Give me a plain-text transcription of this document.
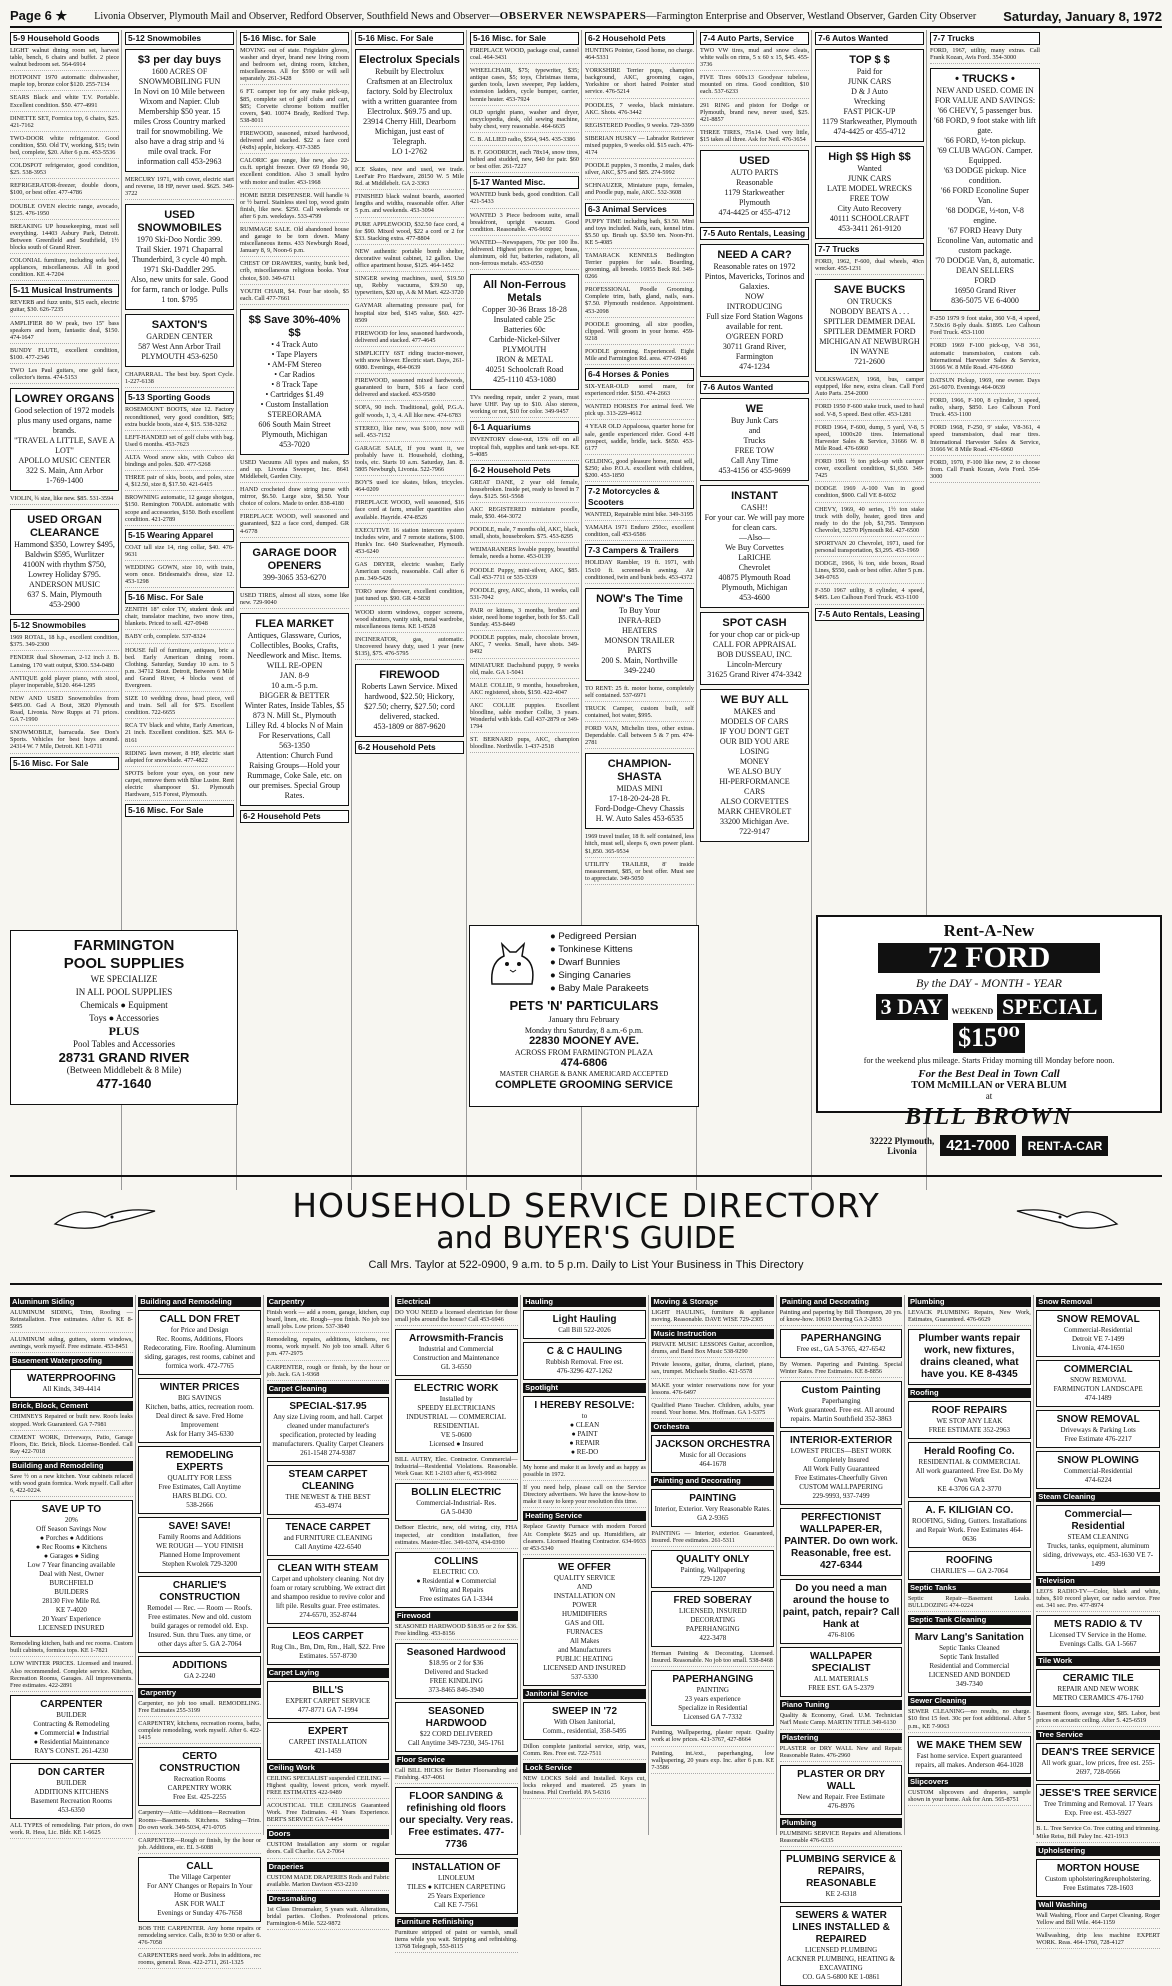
Page 6 ★	Livonia Observer, Plymouth Mail and Observer, Redford Observer, Southfield News and Observer—OBSERVER NEWSPAPERS—Farmington Enterprise and Observer, Westland Observer, Garden City Observer Saturday, January 8, 1972
5-9 Household Goods
LIGHT walnut dining room set, harvest table, bench, 6 chairs and buffet. 2 piece walnut bedroom set. 564-6914
HOTPOINT 1970 automatic dishwasher, maple top, bronze color $120. 255-7134
SEARS Black and white T.V. Portable. Excellent condition. $50. 477-4991
DINETTE SET, Formica top, 6 chairs, $25. 421-7162
TWO-DOOR white refrigerator. Good condition, $50. Old TV, working, $15; twin bed, complete, $20. After 6 p.m. 453-5536
COLDSPOT refrigerator, good condition, $25. 538-3953
REFRIGERATOR-freezer, double doors, $100, or best offer. 477-4786
DOUBLE OVEN electric range, avocado, $125. 476-1950
BREAKING UP housekeeping, must sell everything. 14403 Asbury Park, Detroit. Between Greenfield and Southfield, 1½ blocks south of Grand River.
COLONIAL furniture, including sofa bed, appliances, miscellaneous. All in good condition. KE 4-7204
5-11 Musical Instruments
REVERB and fuzz units, $15 each, electric guitar, $30. 626-7235
AMPLIFIER 80 W peak, two 15" bass speakers and horn, fantastic deal, $150. 474-1647
BUNDY FLUTE, excellent condition, $100. 477-2346
TWO Les Paul guitars, one gold face, collector's items. 474-5153
LOWREY ORGANS
Good selection of 1972 models plus many used organs, name brands.
"TRAVEL A LITTLE, SAVE A LOT"
APOLLO MUSIC CENTER
322 S. Main, Ann Arbor
1-769-1400
VIOLIN, ¾ size, like new. $85. 531-3594
USED ORGAN CLEARANCE
Hammond $350, Lowrey $495, Baldwin $595, Wurlitzer 4100N with rhythm $750, Lowrey Holiday $795.
ANDERSON MUSIC
637 S. Main, Plymouth
453-2900
5-12 Snowmobiles
1969 ROTAL, 18 h.p., excellent condition, $375. 349-2300
FENDER dual Showman, 2-12 inch J. B. Lansing, 170 watt output, $300. 534-0480
ANTIQUE gold player piano, with stool, player inoperable, $120. 464-1295
NEW AND USED Snowmobiles from $495.00. Gad A Bout, 3820 Plymouth Road, Livonia. Now Rupps at 71 prices. GA 7-1990
SNOWMOBILE, barracuda. See Don's Sports. Vehicles for best buys around. 24314 W. 7 Mile, Detroit. KE 1-0711
5-16 Misc. For Sale
5-12 Snowmobiles
$3 per day buys
1600 ACRES OF SNOWMOBILING FUN
In Novi on 10 Mile between Wixom and Napier. Club Membership $50 year. 15 miles Cross Country marked trail for snowmobiling. We also have a drag strip and ¼ mile oval track. For information call 453-2963
MERCURY 1971, with cover, electric start and reverse, 18 HP, never used. $625. 349-3722
USED SNOWMOBILES
1970 Ski-Doo Nordic 399. Trail Skier. 1971 Chaparral Thunderbird, 3 cycle 40 mph.
1971 Ski-Daddler 295.
Also, new units for sale. Good for farm, ranch or lodge. Pulls 1 ton. $795
SAXTON'S
GARDEN CENTER
587 West Ann Arbor Trail
PLYMOUTH 453-6250
CHAPARRAL. The best buy. Sport Cycle. 1-227-6138
5-13 Sporting Goods
ROSEMOUNT BOOTS, size 12. Factory reconditioned, very good condition, $85; extra buckle boots, size 4, $15. 538-3262
LEFT-HANDED set of golf clubs with bag. Used 6 months. 453-7623
ALTA Wood snow skis, with Cubco ski bindings and poles. $20. 477-5268
THREE pair of skis, boots, and poles, size 4, $12.50, size 8, $17.50. 421-6415
BROWNING automatic, 12 gauge shotgun, $150. Remington 700ADL automatic with scope and accessories, $150. Both excellent condition. 421-2789
5-15 Wearing Apparel
COAT tall size 14, ring collar, $40. 476-9631
WEDDING GOWN, size 10, with train, worn once. Bridesmaid's dress, size 12. 453-1298
5-16 Misc. For Sale
ZENITH 18" color TV, student desk and chair, translator machine, two snow tires, blankets. Priced to sell. 427-0948
BABY crib, complete. 537-8324
HOUSE full of furniture, antiques, bric a bed. Early American dining room. Clothing. Saturday, Sunday 10 a.m. to 5 p.m. 34712 Stout. Detroit, Between 6 Mile and Grand River, 4 blocks west of Evergreen.
SIZE 10 wedding dress, head piece, veil and train. Sell all for $75. Excellent condition. 722-6655
RCA TV black and white, Early American, 21 inch. Excellent condition. $25. MA 6-8161
RIDING lawn mower, 8 HP, electric start adapted for snowblade. 477-4822
SPOTS before your eyes, on your new carpet, remove them with Blue Lustre. Rent electric shampooer $1. Plymouth Hardware, 515 Forest, Plymouth.
5-16 Misc. For Sale
5-16 Misc. for Sale
MOVING out of state. Frigidaire gloves, washer and dryer, brand new living room and bedroom set, dining room, kitchen, miscellaneous. All for $590 or will sell separately. 261-3428
6 FT. camper top for any make pick-up, $85, complete set of golf clubs and cart, $85; Corvette chrome bottom muffler covers, $40. 10074 Brady, Redford Twp. 538-8011
FIREWOOD, seasoned, mixed hardwood, delivered and stacked. $22 a face cord (4x8x) apple, hickory. 437-3385
CALORIC gas range, like new, also 22-cu.ft. upright freezer. Over 69 Honda 90, excellent condition. Also 3 small hydro with motor and trailer. 453-1968
HOME BEER DISPENSER. Will handle ¼ or ½ barrel. Stainless steel top, wood grain finish, like new. $250. Call weekends or after 6 p.m. weekdays. 533-4799
RUMMAGE SALE. Old abandoned house and garage to be torn down. Many miscellaneous items. 433 Newburgh Road, January 8, 9, Noon-6 p.m.
CHEST OF DRAWERS, vanity, bunk bed, crib, miscellaneous religious books. Your choice, $10. 349-6711
YOUTH CHAIR, $4. Four bar stools, $5 each. Call 477-7661
$$ Save 30%-40% $$
• 4 Track Auto
• Tape Players
• AM-FM Stereo
• Car Radios
• 8 Track Tape
• Cartridges $1.49
• Custom Installation
STEREORAMA
606 South Main Street
Plymouth, Michigan
453-7020
USED Vacuums All types and makes, $5 and up. Livonia Sweeper, Inc. 8641 Middlebelt, Garden City.
HAND crocheted draw string purse with mirror, $6.50. Large size, $8.50. Your choice of colors. Made to order. 838-4180
FIREPLACE WOOD, well seasoned and guaranteed, $22 a face cord, dumped. GR 4-6778
GARAGE DOOR OPENERS
399-3065 353-6270
USED TIRES, almost all sizes, some like new. 729-9040
FLEA MARKET
Antiques, Glassware, Curios, Collectibles, Books, Crafts, Needlework and Misc. Items.
WILL RE-OPEN
JAN. 8-9
10 a.m.-5 p.m.
BIGGER & BETTER
Winter Rates, Inside Tables, $5
873 N. Mill St., Plymouth
Lilley Rd. 4 blocks N of Main
For Reservations, Call
563-1350
Attention: Church Fund Raising Groups—Hold your Rummage, Coke Sale, etc. on our premises. Special Group Rates.
6-2 Household Pets
5-16 Misc. For Sale
Electrolux Specials
Rebuilt by Electrolux Craftsmen at an Electrolux factory. Sold by Electrolux with a written guarantee from Electrolux. $69.75 and up.
23914 Cherry Hill, Dearborn
Michigan, just east of Telegraph.
LO 1-2762
ICE Skates, new and used, we trade. LeeFair Pro Hardware, 28150 W. 5 Mile Rd. at Middlebelt. GA 2-3363
FINISHED black walnut boards, assorted lengths and widths, reasonable offer. After 5 p.m. and weekends. 453-3094
PURE APPLEWOOD, $32.50 face cord, 4 for $90. Mixed wood, $22 a cord or 2 for $33. Stacking extra. 477-8804
NEW authentic portable bomb shelter, decorative walnut cabinet, 12 gallon. Use office apartment house, $125. 464-1452
SINGER sewing machines, used, $19.50 up, Rebby vacuums, $39.50 up, typewriters, $20 up, A & M Mart. 422-3720
GAYMAR alternating pressure pad, for hospital size bed, $145 value, $60. 427-8509
FIREWOOD for less, seasoned hardwoods, delivered and stacked. 477-4645
SIMPLICITY 6ST riding tractor-mower, with snow blower. Electric start. Days, 261-6080. Evenings, 464-0639
FIREWOOD, seasoned mixed hardwoods, guaranteed to burn, $16 a face cord delivered and stacked. 453-9580
SOFA, 90 inch. Traditional, gold, P.G.A. golf woods, 1, 3, 4. All like new. 474-6783
STEREO, like new, was $100, now will sell. 453-7152
GARAGE SALE, If you want it, we probably have it. Household, clothing, tools, etc. Starts 10 a.m. Saturday, Jan. 8. 5805 Newburgh, Livonia. 522-7966
BOY'S used ice skates, bikes, tricycles. 464-0209
FIREPLACE WOOD, well seasoned, $16 face cord at farm, smaller quantities also available. Hayride. 474-8526
EXECUTIVE 16 station intercom system includes wire, and 7 remote stations, $100. Hunk's Inc. 640 Starkweather, Plymouth. 453-6240
GAS DRYER, electric washer, Early American couch, reasonable. Call after 6 p.m. 349-5426
TORO snow thrower, excellent condition, just tuned up. $90. GR 4-5838
WOOD storm windows, copper screens, wood shutters, vanity sink, metal wardrobe, miscellaneous items. KE 1-8528
INCINERATOR, gas, automatic. Uncovered heavy duty, used 1 year (new $135), $75. 476-5795
FIREWOOD
Roberts Lawn Service. Mixed hardwood, $22.50; Hickory, $27.50; cherry, $27.50; cord delivered, stacked.
453-1809 or 887-9620
6-2 Household Pets
5-16 Misc. for Sale
FIREPLACE WOOD, package coal, cannel coal. 464-3431
WHEELCHAIR, $75; typewriter, $35; antique cases, $5; toys, Christmas items, garden tools, lawn sweeper, Pep ladders, extension ladders, cycle bumper, carrier, bennie heater. 453-7924
OLD upright piano, washer and dryer, encyclopedia, desk, old sewing machine, baby chest, very reasonable. 464-6635
C. B. ALLIED radio, $564, 945. 435-3386
B. F. GOODRICH, each 78x14, snow tires, belted and studded, new, $40 for pair. $60 or best offer. 261-7227
5-17 Wanted Misc.
WANTED bunk beds, good condition. Call 421-5433
WANTED 3 Piece bedroom suite, small breakfront, upright vacuum. Good condition. Reasonable. 476-9692
WANTED—Newspapers, 70c per 100 lbs. delivered. Highest prices for copper, brass, aluminum, old fur, batteries, radiators, all non-ferrous metals. 453-0550
All Non-Ferrous Metals
Copper 30-36 Brass 18-28
Insulated cable 25c
Batteries 60c
Carbide-Nickel-Silver
PLYMOUTH
IRON & METAL
40251 Schoolcraft Road
425-1110 453-1080
TVs needing repair, under 2 years, must have UHF. Pay up to $10. Also stereos, working or not, $10 for color. 349-9457
6-1 Aquariums
INVENTORY close-out, 15% off on all tropical fish, supplies and tank set-ups. KE 5-4085
6-2 Household Pets
GREAT DANE, 2 year old female, housebroken. Inside pet, ready to breed in 7 days. $125. 561-5568
AKC REGISTERED miniature poodle, male, $50. 464-3072
POODLE, male, 7 months old, AKC, black, small, shots, housebroken. $75. 453-8295
WEIMARANERS lovable puppy, beautiful female, needs a home. 453-0139
POODLE Puppy, mini-silver, AKC, $85. Call 453-7711 or 535-3339
POODLE, grey, AKC, shots, 11 weeks, call 531-7042
PAIR or kittens, 3 months, brother and sister, need home together, both for $5. Call Sunday. 453-8449
POODLE puppies, male, chocolate brown, AKC, 7 weeks. Small, have shots. 349-8492
MINIATURE Dachshund puppy, 9 weeks old, male. GA 1-5041
MALE COLLIE, 9 months, housebroken, AKC registered, shots, $150. 422-4047
AKC COLLIE puppies. Excellent bloodline, sable mother Collie, 3 years. Wonderful with kids. Call 437-2879 or 349-1794
ST. BERNARD pups, AKC, champion bloodline. Northville. 1-437-2518
6-2 Household Pets
HUNTING Pointer, Good home, no charge. 464-5331
YORKSHIRE Terrier pups, champion background, AKC, grooming cages, Yorkshire or short haired Pointer stud service. 476-5214
POODLES, 7 weeks, black miniature. AKC. Shots. 476-3442
REGISTERED Poodles, 9 weeks. 729-3399
SIBERIAN HUSKY — Labrador Retriever mixed puppies, 9 weeks old. $15 each. 476-4174
POODLE puppies, 3 months, 2 males, dark silver, AKC, $75 and $85. 274-5992
SCHNAUZER, Miniature pups, females, and Poodle pup, male, AKC. 532-3608
6-3 Animal Services
PUPPY TIME including bath, $3.50. Mini and toys included. Nails, ears, kennel trim. $5.50 up. Brush up. $3.50 ten. Noon-Fri. KE 5-4085
TAMARACK KENNELS Bedlington Terrier puppies for sale. Boarding, grooming, all breeds. 16955 Beck Rd. 349-0266
PROFESSIONAL Poodle Grooming. Complete trim, bath, gland, nails, ears. $7.50. Plymouth residence. Appointment. 453-2098
POODLE grooming, all size poodles, clipped. Will groom in your home. 459-9218
POODLE grooming. Experienced. Eight Mile and Farmington Rd. area. 477-6946
6-4 Horses & Ponies
SIX-YEAR-OLD sorrel mare, for experienced rider. $150. 474-2663
WANTED HORSES For animal feed. We pick up. 313-229-4612
4 YEAR OLD Appaloosa, quarter horse for sale, gentle experienced rider. Good 4-H prospect, saddle, bridle, tack. $650. 453-6177
GELDING, good pleasure horse, must sell, $250; also P.O.A. excellent with children, $200. 453-1850
7-2 Motorcycles & Scooters
WANTED, Repairable mini bike. 349-3195
YAMAHA 1971 Enduro 250cc, excellent condition, call 453-6586
7-3 Campers & Trailers
HOLIDAY Rambler, 19 ft. 1971, with 15x10 ft. screened-in awning. Air conditioned, twin and bunk beds. 453-4372
NOW's The Time
To Buy Your
INFRA-RED
HEATERS
MONSON TRAILER
PARTS
200 S. Main, Northville
349-2240
TO RENT: 25 ft. motor home, completely self contained. 537-6971
TRUCK Camper, custom built, self contained, hot water, $995.
FORD VAN, Michelin tires, other extras. Dependable. Call between 5 & 7 pm. 474-2781
CHAMPION-SHASTA
MIDAS MINI
17-18-20-24-28 Ft.
Ford-Dodge-Chevy Chassis
H. W. Auto Sales 453-6535
1969 travel trailer, 18 ft. self contained, less hitch, must sell, sleeps 6, own power plant. $1,850. 365-9534
UTILITY TRAILER, 8' inside measurement, $85, or best offer. Must see to appreciate. 349-5050
7-4 Auto Parts, Service
TWO VW tires, mud and snow cleats, white walls on rims, 5 x 60 x 15, $45. 455-3736
FIVE Tires 600x13 Goodyear tubeless, mounted on rims. Good condition, $10 each. 537-6233
291 RING and piston for Dodge or Plymouth, brand new, never used, $25. 421-8857
THREE TIRES, 75x14. Used very little, $15 takes all three. Ask for Neil. 476-3654
USED
AUTO PARTS
Reasonable
1179 Starkweather
Plymouth
474-4425 or 455-4712
7-5 Auto Rentals, Leasing
NEED A CAR?
Reasonable rates on 1972 Pintos, Mavericks, Torinos and Galaxies.
NOW
INTRODUCING
Full size Ford Station Wagons available for rent.
O'GREEN FORD
30711 Grand River,
Farmington
474-1234
7-6 Autos Wanted
WE
Buy Junk Cars
and
Trucks
FREE TOW
Call Any Time
453-4156 or 455-9699
INSTANT
CASH!!
For your car. We will pay more for clean cars.
—Also—
We Buy Corvettes
LaRICHE
Chevrolet
40875 Plymouth Road
Plymouth, Michigan
453-4600
SPOT CASH
for your chop car or pick-up
CALL FOR APPRAISAL
BOB DUSSEAU, INC.
Lincoln-Mercury
31625 Grand River 474-3342
WE BUY ALL
MAKES and
MODELS OF CARS
IF YOU DON'T GET
OUR BID YOU ARE
LOSING
MONEY
WE ALSO BUY
HI-PERFORMANCE
CARS
ALSO CORVETTES
MARK CHEVROLET
33200 Michigan Ave.
722-9147
7-6 Autos Wanted
TOP $ $
Paid for
JUNK CARS
D & J Auto
Wrecking
FAST PICK-UP
1179 Starkweather, Plymouth
474-4425 or 455-4712
High $$ High $$
Wanted
JUNK CARS
LATE MODEL WRECKS
FREE TOW
City Auto Recovery
40111 SCHOOLCRAFT
453-3411 261-9120
7-7 Trucks
FORD, 1962, F-600, dual wheels, 40cn wrecker. 455-1231
SAVE BUCKS
ON TRUCKS
NOBODY BEATS A . . .
SPITLER DEMMER DEAL
SPITLER DEMMER FORD
MICHIGAN AT NEWBURGH
IN WAYNE
721-2600
VOLKSWAGEN, 1968, bus, camper equipped, like new, extra clean. Call Ford Auto Parts. 254-2000
FORD 1950 F-600 stake truck, used to haul sod. V-8, 5 speed. Best offer. 453-1281
FORD 1964, F-600, dump, 5 yard, V-8, 5 speed, 1000x20 tires. International Harvester Sales & Service, 31666 W. 8 Mile Road. 476-6960
FORD 1961 ½ ton pick-up with camper cover, excellent condition, $1,650. 349-7425
DODGE 1969 A-100 Van in good condition, $900. Call VE 8-6032
CHEVY, 1969, 40 series, 1½ ton stake truck with dolly, heater, good tires and ready to do the job, $1,795. Tennyson Chevrolet, 32570 Plymouth Rd. 427-6500
SPORTVAN 20 Chevrolet, 1971, used for personal transportation, $3,295. 453-1969
DODGE, 1966, ¾ ton, side boxes, Road Lines, $550, cash or best offer. After 5 p.m. 349-0765
F-350 1967 utility, 8 cylinder, 4 speed, $495. Leo Calhoun Ford Truck. 453-1100
7-5 Auto Rentals, Leasing
7-7 Trucks
FORD, 1967, utility, many extras. Call Frank Kozan, Avis Ford. 354-3000
• TRUCKS •
NEW AND USED. COME IN FOR VALUE AND SAVINGS:
'66 CHEVY, 5 passenger bus.
'68 FORD, 9 foot stake with lift gate.
'66 FORD, ½-ton pickup.
'69 CLUB WAGON. Camper. Equipped.
'63 DODGE pickup. Nice condition.
'66 FORD Econoline Super Van.
'68 DODGE, ½-ton, V-8 engine.
'67 FORD Heavy Duty Econoline Van, automatic and custom package.
'70 DODGE Van, 8, automatic.
DEAN SELLERS
FORD
16950 Grand River
836-5075 VE 6-4000
F-250 1979 9 foot stake, 360 V-8, 4 speed, 7.50x16 8-ply duals. $1895. Leo Calhoun Ford Truck. 453-1100
FORD 1969 F-100 pick-up, V-8 361, automatic transmission, custom cab. International Harvester Sales & Service, 31666 W. 8 Mile Road. 476-6960
DATSUN Pickup, 1969, one owner. Days 261-6070. Evenings 464-0639
FORD, 1966, F-100, 8 cylinder, 3 speed, radio, sharp, $850. Leo Calhoun Ford Truck. 453-1100
FORD 1968, F-250, 9' stake, V8-361, 4 speed transmission, dual rear tires. International Harvester Sales & Service, 31666 W. 8 Mile Road. 476-6960
FORD, 1970, F-100 like new, 2 to choose from. Call Frank Kozan, Avis Ford. 354-3000
FARMINGTON
POOL SUPPLIES
WE SPECIALIZE
IN ALL POOL SUPPLIES
Chemicals ● Equipment
Toys ● Accessories
PLUS
Pool Tables and Accessories
28731 GRAND RIVER
(Between Middlebelt & 8 Mile)
477-1640
● Pedigreed Persian
● Tonkinese Kittens
● Dwarf Bunnies
● Singing Canaries
● Baby Male Parakeets
PETS 'N' PARTICULARS
January thru February
Monday thru Saturday, 8 a.m.-6 p.m.
22830 MOONEY AVE.
ACROSS FROM FARMINGTON PLAZA
474-6806
MASTER CHARGE & BANK AMERICARD ACCEPTED
COMPLETE GROOMING SERVICE
Rent-A-New
72 FORD
By the DAY - MONTH - YEAR
3 DAY WEEKEND SPECIAL
$15⁰⁰
for the weekend plus mileage. Starts Friday morning till Monday before noon.
For the Best Deal in Town Call
TOM McMILLAN or VERA BLUM
at
BILL BROWN
32222 Plymouth,
Livonia	421-7000	RENT-A-CAR
HOUSEHOLD SERVICE DIRECTORY
and BUYER'S GUIDE
Call Mrs. Taylor at 522-0900, 9 a.m. to 5 p.m. Daily to List Your Business in This Directory
Aluminum Siding
ALUMINUM SIDING, Trim, Roofing — Reinstallation. Free estimates. After 6. KE 8-5995
ALUMINUM siding, gutters, storm windows, awnings, work myself. Free estimate. 453-8451
Basement Waterproofing
WATERPROOFING
All Kinds, 349-4414
Brick, Block, Cement
CHIMNEYS Repaired or built new. Roofs leaks stopped. Work Guaranteed. GA 7-7981
CEMENT WORK, Driveways, Patio, Garage Floors, Etc. Brick, Block. License-Bonded. Call Ray 422-7018
Building and Remodeling
Save ½ on a new kitchen. Your cabinets refaced with wood grain formica. Work myself. Call after 6, 422-0224.
SAVE UP TO
20%
Off Season Savings Now
● Porches ● Additions
● Rec Rooms ● Kitchens
● Garages ● Siding
Low 7 Year financing available
Deal with Nest, Owner
BURCHFIELD
BUILDERS
28130 Five Mile Rd.
KE 7-4020
20 Years' Experience
LICENSED INSURED
Remodeling kitchen, bath and rec rooms. Custom built cabinets, formica tops. KE 1-7821
LOW WINTER PRICES. Licensed and insured. Also recommended. Complete service. Kitchen, Recreation Rooms, Garages. All improvements. Free estimates. 422-2891
CARPENTER
BUILDER
Contracting & Remodeling
● Commercial ● Industrial
● Residential Maintenance
RAY'S CONST. 261-4230
DON CARTER
BUILDER
ADDITIONS KITCHENS
Basement Recreation Rooms
453-6350
ALL TYPES of remodeling. Fair prices, do own work. R. Hess, Lic. Bldr. KE 1-6625
Building and Remodeling
CALL DON FRET
for Price and Design
Rec. Rooms, Additions, Floors Redecorating, Fire. Roofing. Aluminum siding, garages, rest rooms, cabinet and formica work. 472-7765
WINTER PRICES
BIG SAVINGS
Kitchen, baths, attics, recreation room. Deal direct & save. Fred Home Improvement
Ask for Harry 345-6330
REMODELING EXPERTS
QUALITY FOR LESS
Free Estimates, Call Anytime
HARS BLDG. CO.
538-2666
SAVE! SAVE!
Family Rooms and Additions
WE ROUGH — YOU FINISH
Planned Home Improvement
Stephen Kwolek 729-3200
CHARLIE'S CONSTRUCTION
Remodel — Rec. — Room — Roofs. Free estimates. New and old. custom build garages or remodel old. Exp. Insured. Sun. thru Tues. any time, or other days after 5. GA 2-7064
ADDITIONS
GA 2-2240
Carpentry
Carpenter, no job too small. REMODELING. Free Estimates 255-3199
CARPENTRY, kitchens, recreation rooms, baths, complete remodeling, work myself. After 6. 422-1415
CERTO CONSTRUCTION
Recreation Rooms
CARPENTRY WORK
Free Est. 425-2255
Carpentry—Attic—Additions—Recreation Rooms—Basements. Kitchens. Siding—Trim. Do own work. 349-5034, 471-0705
CARPENTER—Rough or finish, by the hour or job. Additions, etc. EL 3-6088
CALL
The Village Carpenter
For ANY Changes or Repairs In Your Home or Business
ASK FOR WALT
Evenings or Sunday 476-7658
BOB THE CARPENTER. Any home repairs or remodeling service. Calls, 8:30 to 9:30 or after 6. 476-7058
CARPENTERS need work. Jobs in additions, rec rooms, general. Reas. 422-2711, 261-1325
Carpentry
Finish work — add a room, garage, kitchen, cup board, linen, etc. Rough—you finish. No job too small jobs. Low prices. 537-3840
Remodeling, repairs, additions, kitchens, rec rooms, work myself. No job too small. After 6 p.m. 477-2975
CARPENTER, rough or finish, by the hour or job. Jack. GA 1-9368
Carpet Cleaning
SPECIAL-$17.95
Any size Living room, and hall. Carpet cleaned under manufacturer's specification, protected by leading manufacturers. Quality Carpet Cleaners
261-1548 274-9387
STEAM CARPET CLEANING
THE NEWEST & THE BEST
453-4974
TENACE CARPET
and FURNITURE CLEANING
Call Anytime 422-6540
CLEAN WITH STEAM
Carpet and upholstery cleaning. Not dry foam or rotary scrubbing. We extract dirt and shampoo residue to revive color and lift pile. Results guar. Free estimates. 274-6570, 352-8744
LEOS CARPET
Rug Cln., Bm, Dm, Rm., Hall, $22. Free Estimates. 557-8730
Carpet Laying
BILL'S
EXPERT CARPET SERVICE
477-8771 GA 7-1994
EXPERT
CARPET INSTALLATION
421-1459
Ceiling Work
CEILING SPECIALIST suspended CEILING — Highest quality, lowest prices, work myself. FREE ESTIMATES 422-9489
ACOUSTICAL TILE CEILINGS Guaranteed Work. Free Estimates. 41 Years Experience. BERT'S SERVICE GA 7-4454
Doors
CUSTOM Installation any storm or regular doors. Call Charlie. GA 2-7064
Draperies
CUSTOM MADE DRAPERIES Rods and Fabric available. Marion Davison 453-2210
Dressmaking
1st Class Dressmaker, 5 years wait. Alterations, bridal parties. Clothes. Professional prices. Farmington-6 Mile. 522-9872
Electrical
DO YOU NEED a licensed electrician for those small jobs around the house? Call 453-6946
Arrowsmith-Francis
Industrial and Commercial
Construction and Maintenance
GL 3-6550
ELECTRIC WORK
Installed by
SPEEDY ELECTRICIANS
INDUSTRIAL — COMMERCIAL
RESIDENTIAL
VE 5-0600
Licensed ● Insured
BILL AUTRY, Elec. Contractor. Commercial—Industrial—Residential Violations. Reasonable. Work Guar. KE 1-2103 after 6, 453-9982
BOLLIN ELECTRIC
Commercial-Industrial- Res.
GA 5-0430
DeBoer Electric, new, old wiring, city, FHA inspected, air condition installation, free estimates. Master-Elec. 349-6374, 434-0390
COLLINS
ELECTRIC CO.
● Residential ● Commercial
Wiring and Repairs
Free estimates GA 1-3344
Firewood
SEASONED HARDWOOD $18.95 or 2 for $36. Free kindling. 453-8156
Seasoned Hardwood
$18.95 or 2 for $36
Delivered and Stacked
FREE KINDLING
373-8465 846-3940
SEASONED HARDWOOD
$22 CORD DELIVERED
Call Anytime 349-7230, 345-1761
Floor Service
Call BILL HICKS for Better Floorsanding and Finishing. 437-4061
FLOOR SANDING & refinishing old floors our specialty. Very reas. Free estimates. 477-7736
INSTALLATION OF
LINOLEUM
TILES ● KITCHEN CARPETING
25 Years Experience
Call KE 7-7561
Furniture Refinishing
Furniture stripped of paint or varnish, small items while you wait. Stripping and refinishing. 13768 Telegraph, 553-8115
Hauling
Light Hauling
Call Bill 522-2026
C & C HAULING
Rubbish Removal. Free est.
476-3296 427-1262
Spotlight
I HEREBY RESOLVE:
to
● CLEAN
● PAINT
● REPAIR
● RE-DO
My home and make it as lovely and as happy as possible in 1972.
If you need help, please call on the Service Directory advertisers. We have the know-how to make it easy to keep your resolution this time.
Heating Service
Replace Gravity Furnace with modern Forced Air. Complete $625 and up. Humidifiers, air cleaners. Licensed Heating Contractor. 634-9933 or 453-5340
WE OFFER
QUALITY SERVICE
AND
INSTALLATION ON
POWER
HUMIDIFIERS
GAS and OIL
FURNACES
All Makes
and Manufacturers
PUBLIC HEATING
LICENSED AND INSURED
537-5330
Janitorial Service
SWEEP IN '72
With Olsen Janitorial,
Comm., residential, 358-5495
Dillon complete janitorial service, strip, wax, Comm. Res. Free est. 722-7511
Lock Service
NEW LOCKS Sold and Installed. Keys cut, locks rekeyed and mastered. 25 years in business. Phil Crerfield. PA 5-6316
Moving & Storage
LIGHT HAULING, furniture & appliance moving. Reasonable. DAVE WISE 729-2305
Music Instruction
PRIVATE MUSIC LESSONS Guitar, accordion, drums, and Band Box Music 538-9290
Private lessons, guitar, drums, clarinet, piano, sax, trumpet. Michaels Studio. 421-5578
MAKE your winter reservations now for your lessons. 476-6497
Qualified Piano Teacher. Children, adults, year round. Your home. Mrs. Hoffman. GA 1-5375
Orchestra
JACKSON ORCHESTRA
Music for all Occasions
464-1678
Painting and Decorating
PAINTING
Interior, Exterior. Very Reasonable Rates. GA 2-9365
PAINTING — Interior, exterior. Guaranteed, insured. Free estimates. 261-5311
QUALITY ONLY
Painting, Wallpapering
729-1207
FRED SOBERAY
LICENSED, INSURED
DECORATING
PAPERHANGING
422-3478
Herman Painting & Decorating. Licensed. Insured. Reasonable. No job too small. 538-8468
PAPERHANGING
PAINTING
23 years experience
Specialize in Residential
Licensed GA 7-7332
Painting, Wallpapering, plaster repair. Quality work at low prices. 421-3767, 427-8664
Painting, int./ext., paperhanging, low wallpapering, 20 years exp. Inc. after 6 p.m. KE 7-3586
Painting and Decorating
Painting and papering by Bill Thompson, 20 yrs. of know-how. 10619 Deering GA 2-2853
PAPERHANGING
Free est., GA 5-3765, 427-6542
By Women. Papering and Painting. Special Winter Rates. Free Estimates. KE 8-8856
Custom Painting
Paperhanging
Work guaranteed. Free est. All around repairs. Martin Southfield 352-3863
INTERIOR-EXTERIOR
LOWEST PRICES—BEST WORK
Completely Insured
All Work Fully Guaranteed
Free Estimates-Cheerfully Given
CUSTOM WALLPAPERING
229-9993, 937-7499
PERFECTIONIST WALLPAPER-ER, PAINTER. Do own work. Reasonable, free est. 427-6344
Do you need a man around the house to paint, patch, repair? Call Hank at
476-8106
WALLPAPER SPECIALIST
ALL MATERIALS
FREE EST. GA 5-2379
Piano Tuning
Quality & Economy, Grad. U.M. Technician Nat'l Music Camp. MARTIN TITLE 349-6130
Plastering
PLASTER or DRY WALL New and Repair. Reasonable Rates. 476-2960
PLASTER OR DRY WALL
New and Repair. Free Estimate
476-8976
Plumbing
PLUMBING SERVICE Repairs and Alterations. Reasonable 476-6335
PLUMBING SERVICE & REPAIRS, REASONABLE
KE 2-6318
SEWERS & WATER LINES INSTALLED & REPAIRED
LICENSED PLUMBING
ACKNER PLUMBING, HEATING & EXCAVATING
CO. GA 5-6800 KE 1-0861
Plumbing
LEVACK PLUMBING Repairs, New Work, Estimates, Guaranteed. 476-6629
Plumber wants repair work, new fixtures, drains cleaned, what have you. KE 8-4345
Roofing
ROOF REPAIRS
WE STOP ANY LEAK
FREE ESTIMATE 352-2963
Herald Roofing Co.
RESIDENTIAL & COMMERCIAL
All work guaranteed. Free Est. Do My Own Work
KE 4-3706 GA 2-3770
A. F. KILIGIAN CO.
ROOFING, Siding, Gutters. Installations and Repair Work. Free Estimates 464-0636
ROOFING
CHARLIE'S — GA 2-7064
Septic Tanks
Septic Repair—Basement Leaks. BULLDOZING 474-0224
Septic Tank Cleaning
Marv Lang's Sanitation
Septic Tanks Cleaned
Septic Tank Installed
Residential and Commercial
LICENSED AND BONDED
349-7340
Sewer Cleaning
SEWER CLEANING—no results, no charge. $10 first 15 feet. 30c per foot additional. After 5 p.m., KE 7-9063
WE MAKE THEM SEW
Fast home service. Expert guaranteed repairs, all makes. Anderson 464-1028
Slipcovers
CUSTOM slipcovers and draperies, sample shown in your home. Ask for Ann. 565-8751
Snow Removal
SNOW REMOVAL
Commercial-Residential
Detroit VE 7-1499
Livonia, 474-1650
COMMERCIAL
SNOW REMOVAL
FARMINGTON LANDSCAPE
474-1489
SNOW REMOVAL
Driveways & Parking Lots
Free Estimate 476-2217
SNOW PLOWING
Commercial-Residential
474-6224
Steam Cleaning
Commercial—Residential
STEAM CLEANING
Trucks, tanks, equipment, aluminum siding, driveways, etc. 453-1630 VE 7-1499
Television
LEO'S RADIO-TV—Color, black and white, tubes, $10 record player, car radio service. Free est. 341 sec. Pro. 477-8974
METS RADIO & TV
Licensed TV Service in the Home. Evenings Calls. GA 1-5667
Tile Work
CERAMIC TILE
REPAIR AND NEW WORK
METRO CERAMICS 476-1760
Basement floors, average size, $85. Labor, best prices on acoustic ceiling. After 5. 425-6519
Tree Service
DEAN'S TREE SERVICE
All work guar., low prices, free est. 255-2697, 728-0566
JESSE'S TREE SERVICE
Tree Trimming and Removal. 17 Years Exp. Free est. 453-5927
B. L. Tree Service Co. Tree cutting and trimming. Mike Reiss, Bill Paley Inc. 421-1913
Upholstering
MORTON HOUSE
Custom upholstering&reupholstering. Free Estimates 728-1603
Wall Washing
Wall Washing, Floor and Carpet Cleaning. Roger Yellow and Bill Wile. 464-1159
Wallwashing, drip less machine EXPERT WORK. Reas. 464-1760, 728-4127
